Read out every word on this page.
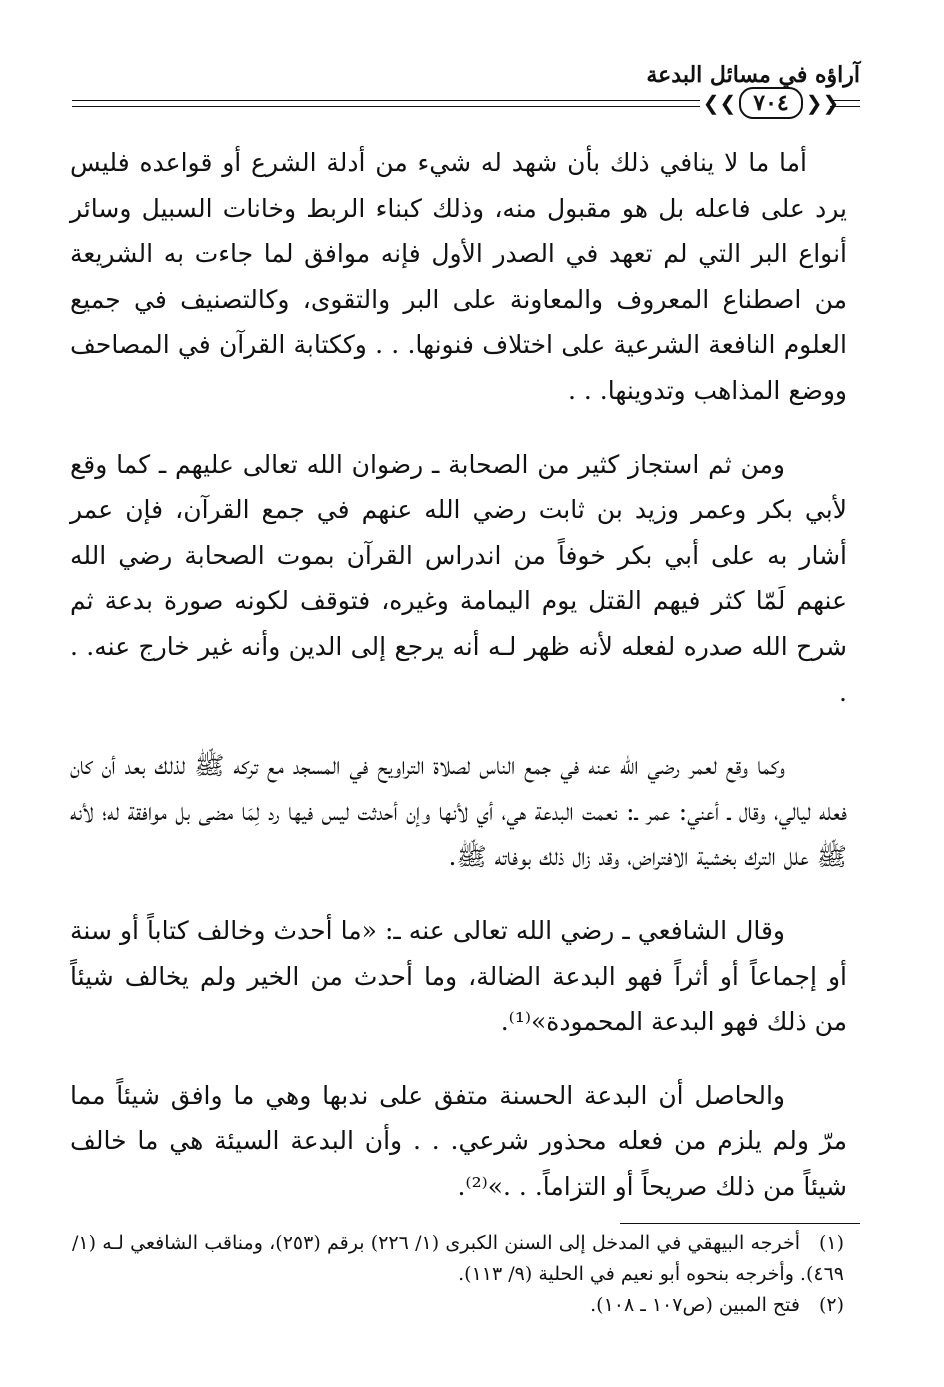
آراؤه في مسائل البدعة
❮❮ ٧٠٤ ❯❯

أما ما لا ينافي ذلك بأن شهد له شيء من أدلة الشرع أو قواعده فليس يرد على فاعله بل هو مقبول منه، وذلك كبناء الربط وخانات السبيل وسائر أنواع البر التي لم تعهد في الصدر الأول فإنه موافق لما جاءت به الشريعة من اصطناع المعروف والمعاونة على البر والتقوى، وكالتصنيف في جميع العلوم النافعة الشرعية على اختلاف فنونها. . . وككتابة القرآن في المصاحف ووضع المذاهب وتدوينها. . .

ومن ثم استجاز كثير من الصحابة ـ رضوان الله تعالى عليهم ـ كما وقع لأبي بكر وعمر وزيد بن ثابت رضي الله عنهم في جمع القرآن، فإن عمر أشار به على أبي بكر خوفاً من اندراس القرآن بموت الصحابة رضي الله عنهم لَمّا كثر فيهم القتل يوم اليمامة وغيره، فتوقف لكونه صورة بدعة ثم شرح الله صدره لفعله لأنه ظهر لـه أنه يرجع إلى الدين وأنه غير خارج عنه. . .

وكما وقع لعمر رضي الله عنه في جمع الناس لصلاة التراويح في المسجد مع تركه ﷺ لذلك بعد أن كان فعله ليالي، وقال ـ أعني: عمر ـ: نعمت البدعة هي، أي لأنها وإن أحدثت ليس فيها رد لِمَا مضى بل موافقة له؛ لأنه ﷺ علل الترك بخشية الافتراض، وقد زال ذلك بوفاته ﷺ.

وقال الشافعي ـ رضي الله تعالى عنه ـ: «ما أحدث وخالف كتاباً أو سنة أو إجماعاً أو أثراً فهو البدعة الضالة، وما أحدث من الخير ولم يخالف شيئاً من ذلك فهو البدعة المحمودة»⁽¹⁾.

والحاصل أن البدعة الحسنة متفق على ندبها وهي ما وافق شيئاً مما مرّ ولم يلزم من فعله محذور شرعي. . . وأن البدعة السيئة هي ما خالف شيئاً من ذلك صريحاً أو التزاماً. . .»⁽²⁾.

(١)أخرجه البيهقي في المدخل إلى السنن الكبرى (١/ ٢٢٦) برقم (٢٥٣)، ومناقب الشافعي لـه (١/ ٤٦٩). وأخرجه بنحوه أبو نعيم في الحلية (٩/ ١١٣).

(٢)فتح المبين (ص١٠٧ ـ ١٠٨).
